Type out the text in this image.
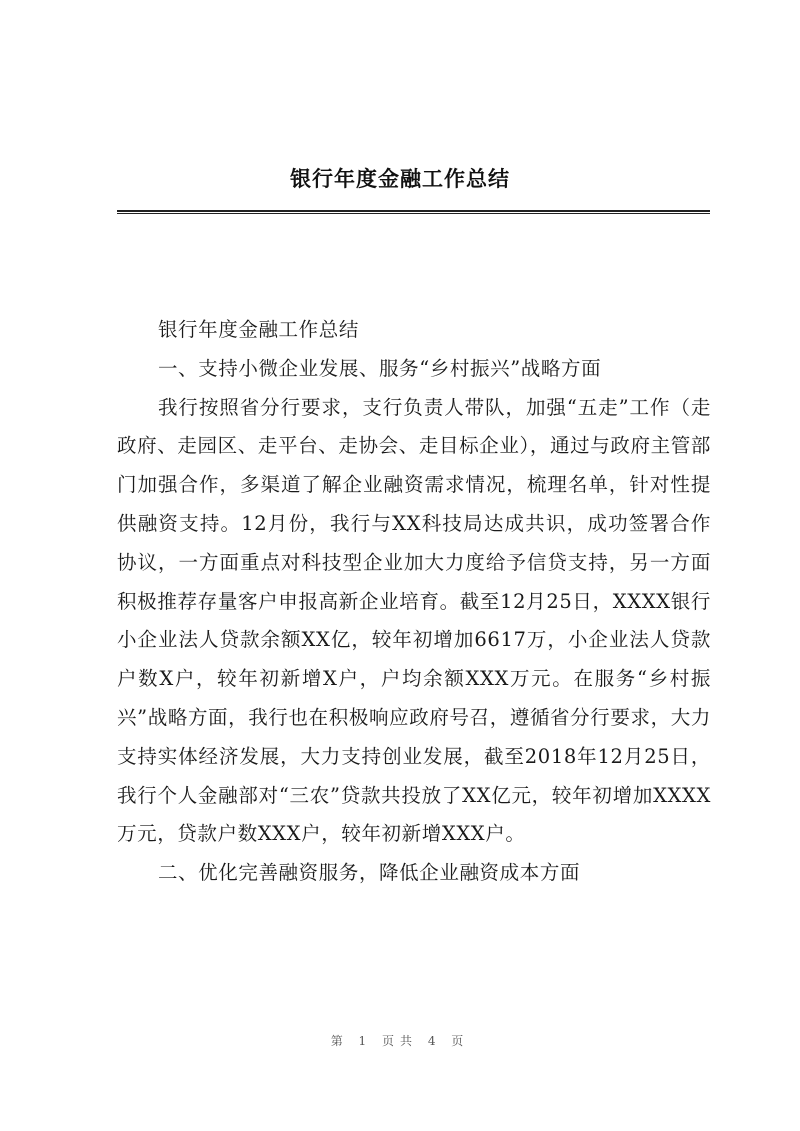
银行年度金融工作总结

银行年度金融工作总结

一、支持小微企业发展、服务“乡村振兴”战略方面

我行按照省分行要求，支行负责人带队，加强“五走”工作（走政府、走园区、走平台、走协会、走目标企业），通过与政府主管部门加强合作，多渠道了解企业融资需求情况，梳理名单，针对性提供融资支持。12月份，我行与XX科技局达成共识，成功签署合作协议，一方面重点对科技型企业加大力度给予信贷支持，另一方面积极推荐存量客户申报高新企业培育。截至12月25日，XXXX银行小企业法人贷款余额XX亿，较年初增加6617万，小企业法人贷款户数X户，较年初新增X户，户均余额XXX万元。在服务“乡村振兴”战略方面，我行也在积极响应政府号召，遵循省分行要求，大力支持实体经济发展，大力支持创业发展，截至2018年12月25日，我行个人金融部对“三农”贷款共投放了XX亿元，较年初增加XXXX万元，贷款户数XXX户，较年初新增XXX户。

二、优化完善融资服务，降低企业融资成本方面

第 1 页共 4 页
